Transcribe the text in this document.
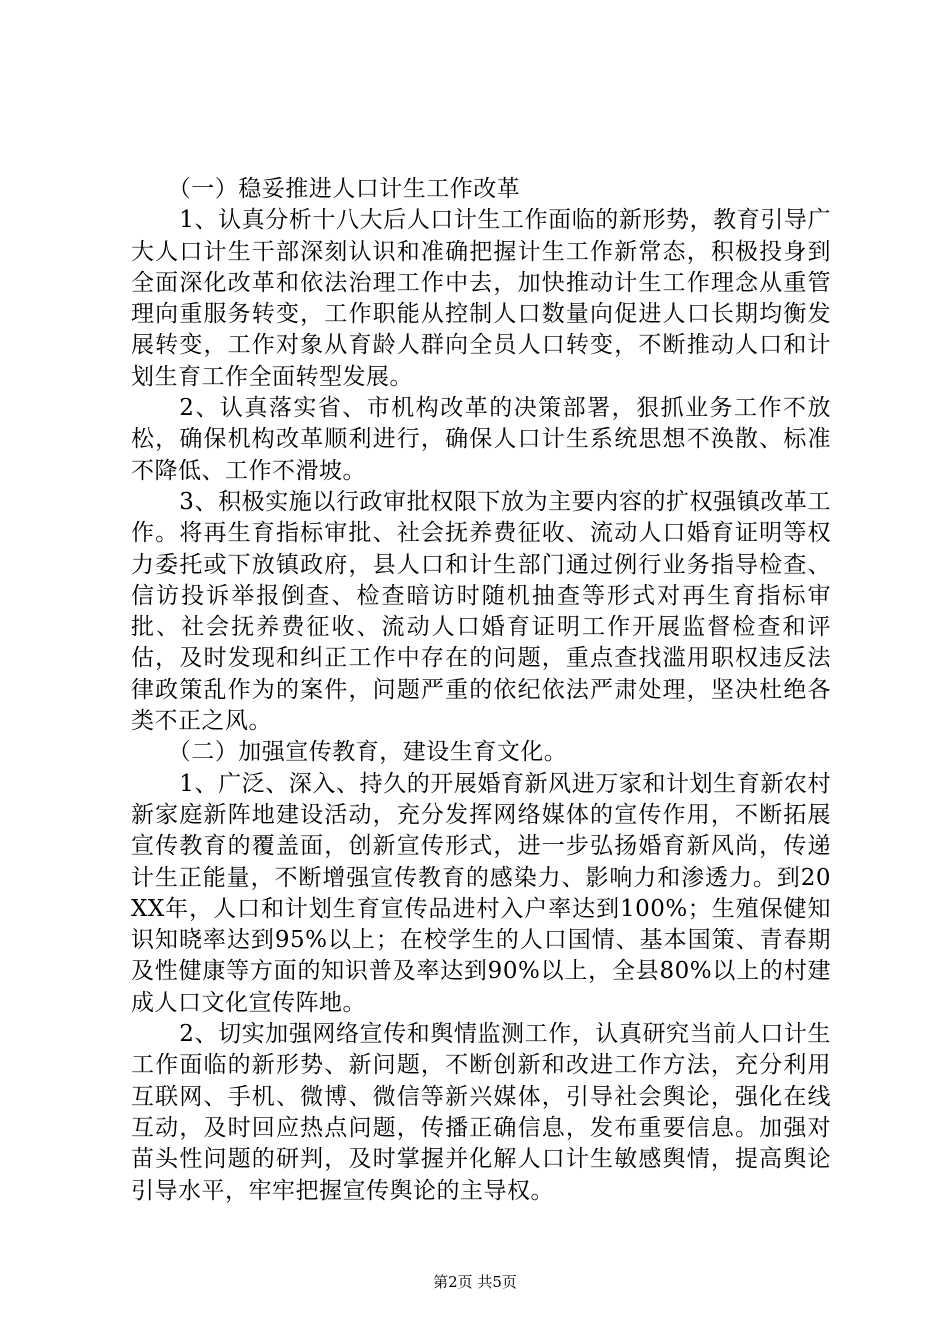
（一）稳妥推进人口计生工作改革

1、认真分析十八大后人口计生工作面临的新形势，教育引导广大人口计生干部深刻认识和准确把握计生工作新常态，积极投身到全面深化改革和依法治理工作中去，加快推动计生工作理念从重管理向重服务转变，工作职能从控制人口数量向促进人口长期均衡发展转变，工作对象从育龄人群向全员人口转变，不断推动人口和计划生育工作全面转型发展。

2、认真落实省、市机构改革的决策部署，狠抓业务工作不放松，确保机构改革顺利进行，确保人口计生系统思想不涣散、标准不降低、工作不滑坡。

3、积极实施以行政审批权限下放为主要内容的扩权强镇改革工作。将再生育指标审批、社会抚养费征收、流动人口婚育证明等权力委托或下放镇政府，县人口和计生部门通过例行业务指导检查、信访投诉举报倒查、检查暗访时随机抽查等形式对再生育指标审批、社会抚养费征收、流动人口婚育证明工作开展监督检查和评估，及时发现和纠正工作中存在的问题，重点查找滥用职权违反法律政策乱作为的案件，问题严重的依纪依法严肃处理，坚决杜绝各类不正之风。

（二）加强宣传教育，建设生育文化。

1、广泛、深入、持久的开展婚育新风进万家和计划生育新农村新家庭新阵地建设活动，充分发挥网络媒体的宣传作用，不断拓展宣传教育的覆盖面，创新宣传形式，进一步弘扬婚育新风尚，传递计生正能量，不断增强宣传教育的感染力、影响力和渗透力。到20XX年，人口和计划生育宣传品进村入户率达到100%；生殖保健知识知晓率达到95%以上；在校学生的人口国情、基本国策、青春期及性健康等方面的知识普及率达到90%以上，全县80%以上的村建成人口文化宣传阵地。

2、切实加强网络宣传和舆情监测工作，认真研究当前人口计生工作面临的新形势、新问题，不断创新和改进工作方法，充分利用互联网、手机、微博、微信等新兴媒体，引导社会舆论，强化在线互动，及时回应热点问题，传播正确信息，发布重要信息。加强对苗头性问题的研判，及时掌握并化解人口计生敏感舆情，提高舆论引导水平，牢牢把握宣传舆论的主导权。

第2页 共5页
